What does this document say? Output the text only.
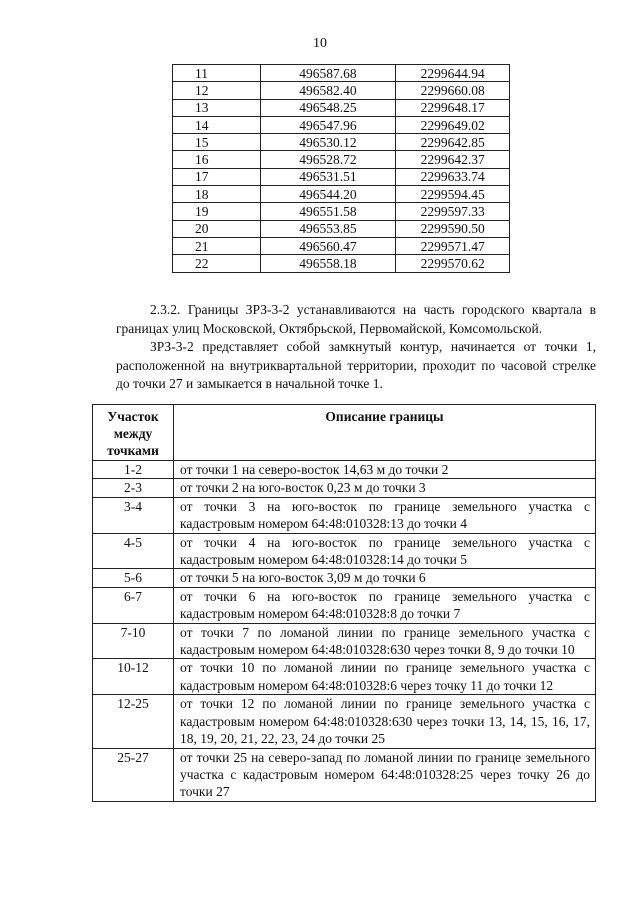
10
11	496587.68	2299644.94
12	496582.40	2299660.08
13	496548.25	2299648.17
14	496547.96	2299649.02
15	496530.12	2299642.85
16	496528.72	2299642.37
17	496531.51	2299633.74
18	496544.20	2299594.45
19	496551.58	2299597.33
20	496553.85	2299590.50
21	496560.47	2299571.47
22	496558.18	2299570.62

2.3.2. Границы ЗРЗ-3-2 устанавливаются на часть городского квартала в границах улиц Московской, Октябрьской, Первомайской, Комсомольской.

ЗРЗ-3-2 представляет собой замкнутый контур, начинается от точки 1, расположенной на внутриквартальной территории, проходит по часовой стрелке до точки 27 и замыкается в начальной точке 1.

Участок между точками	Описание границы
1-2	от точки 1 на северо-восток 14,63 м до точки 2
2-3	от точки 2 на юго-восток 0,23 м до точки 3
3-4	от точки 3 на юго-восток по границе земельного участка с кадастровым номером 64:48:010328:13 до точки 4
4-5	от точки 4 на юго-восток по границе земельного участка с кадастровым номером 64:48:010328:14 до точки 5
5-6	от точки 5 на юго-восток 3,09 м до точки 6
6-7	от точки 6 на юго-восток по границе земельного участка с кадастровым номером 64:48:010328:8 до точки 7
7-10	от точки 7 по ломаной линии по границе земельного участка с кадастровым номером 64:48:010328:630 через точки 8, 9 до точки 10
10-12	от точки 10 по ломаной линии по границе земельного участка с кадастровым номером 64:48:010328:6 через точку 11 до точки 12
12-25	от точки 12 по ломаной линии по границе земельного участка с кадастровым номером 64:48:010328:630 через точки 13, 14, 15, 16, 17, 18, 19, 20, 21, 22, 23, 24 до точки 25
25-27	от точки 25 на северо-запад по ломаной линии по границе земельного участка с кадастровым номером 64:48:010328:25 через точку 26 до точки 27
